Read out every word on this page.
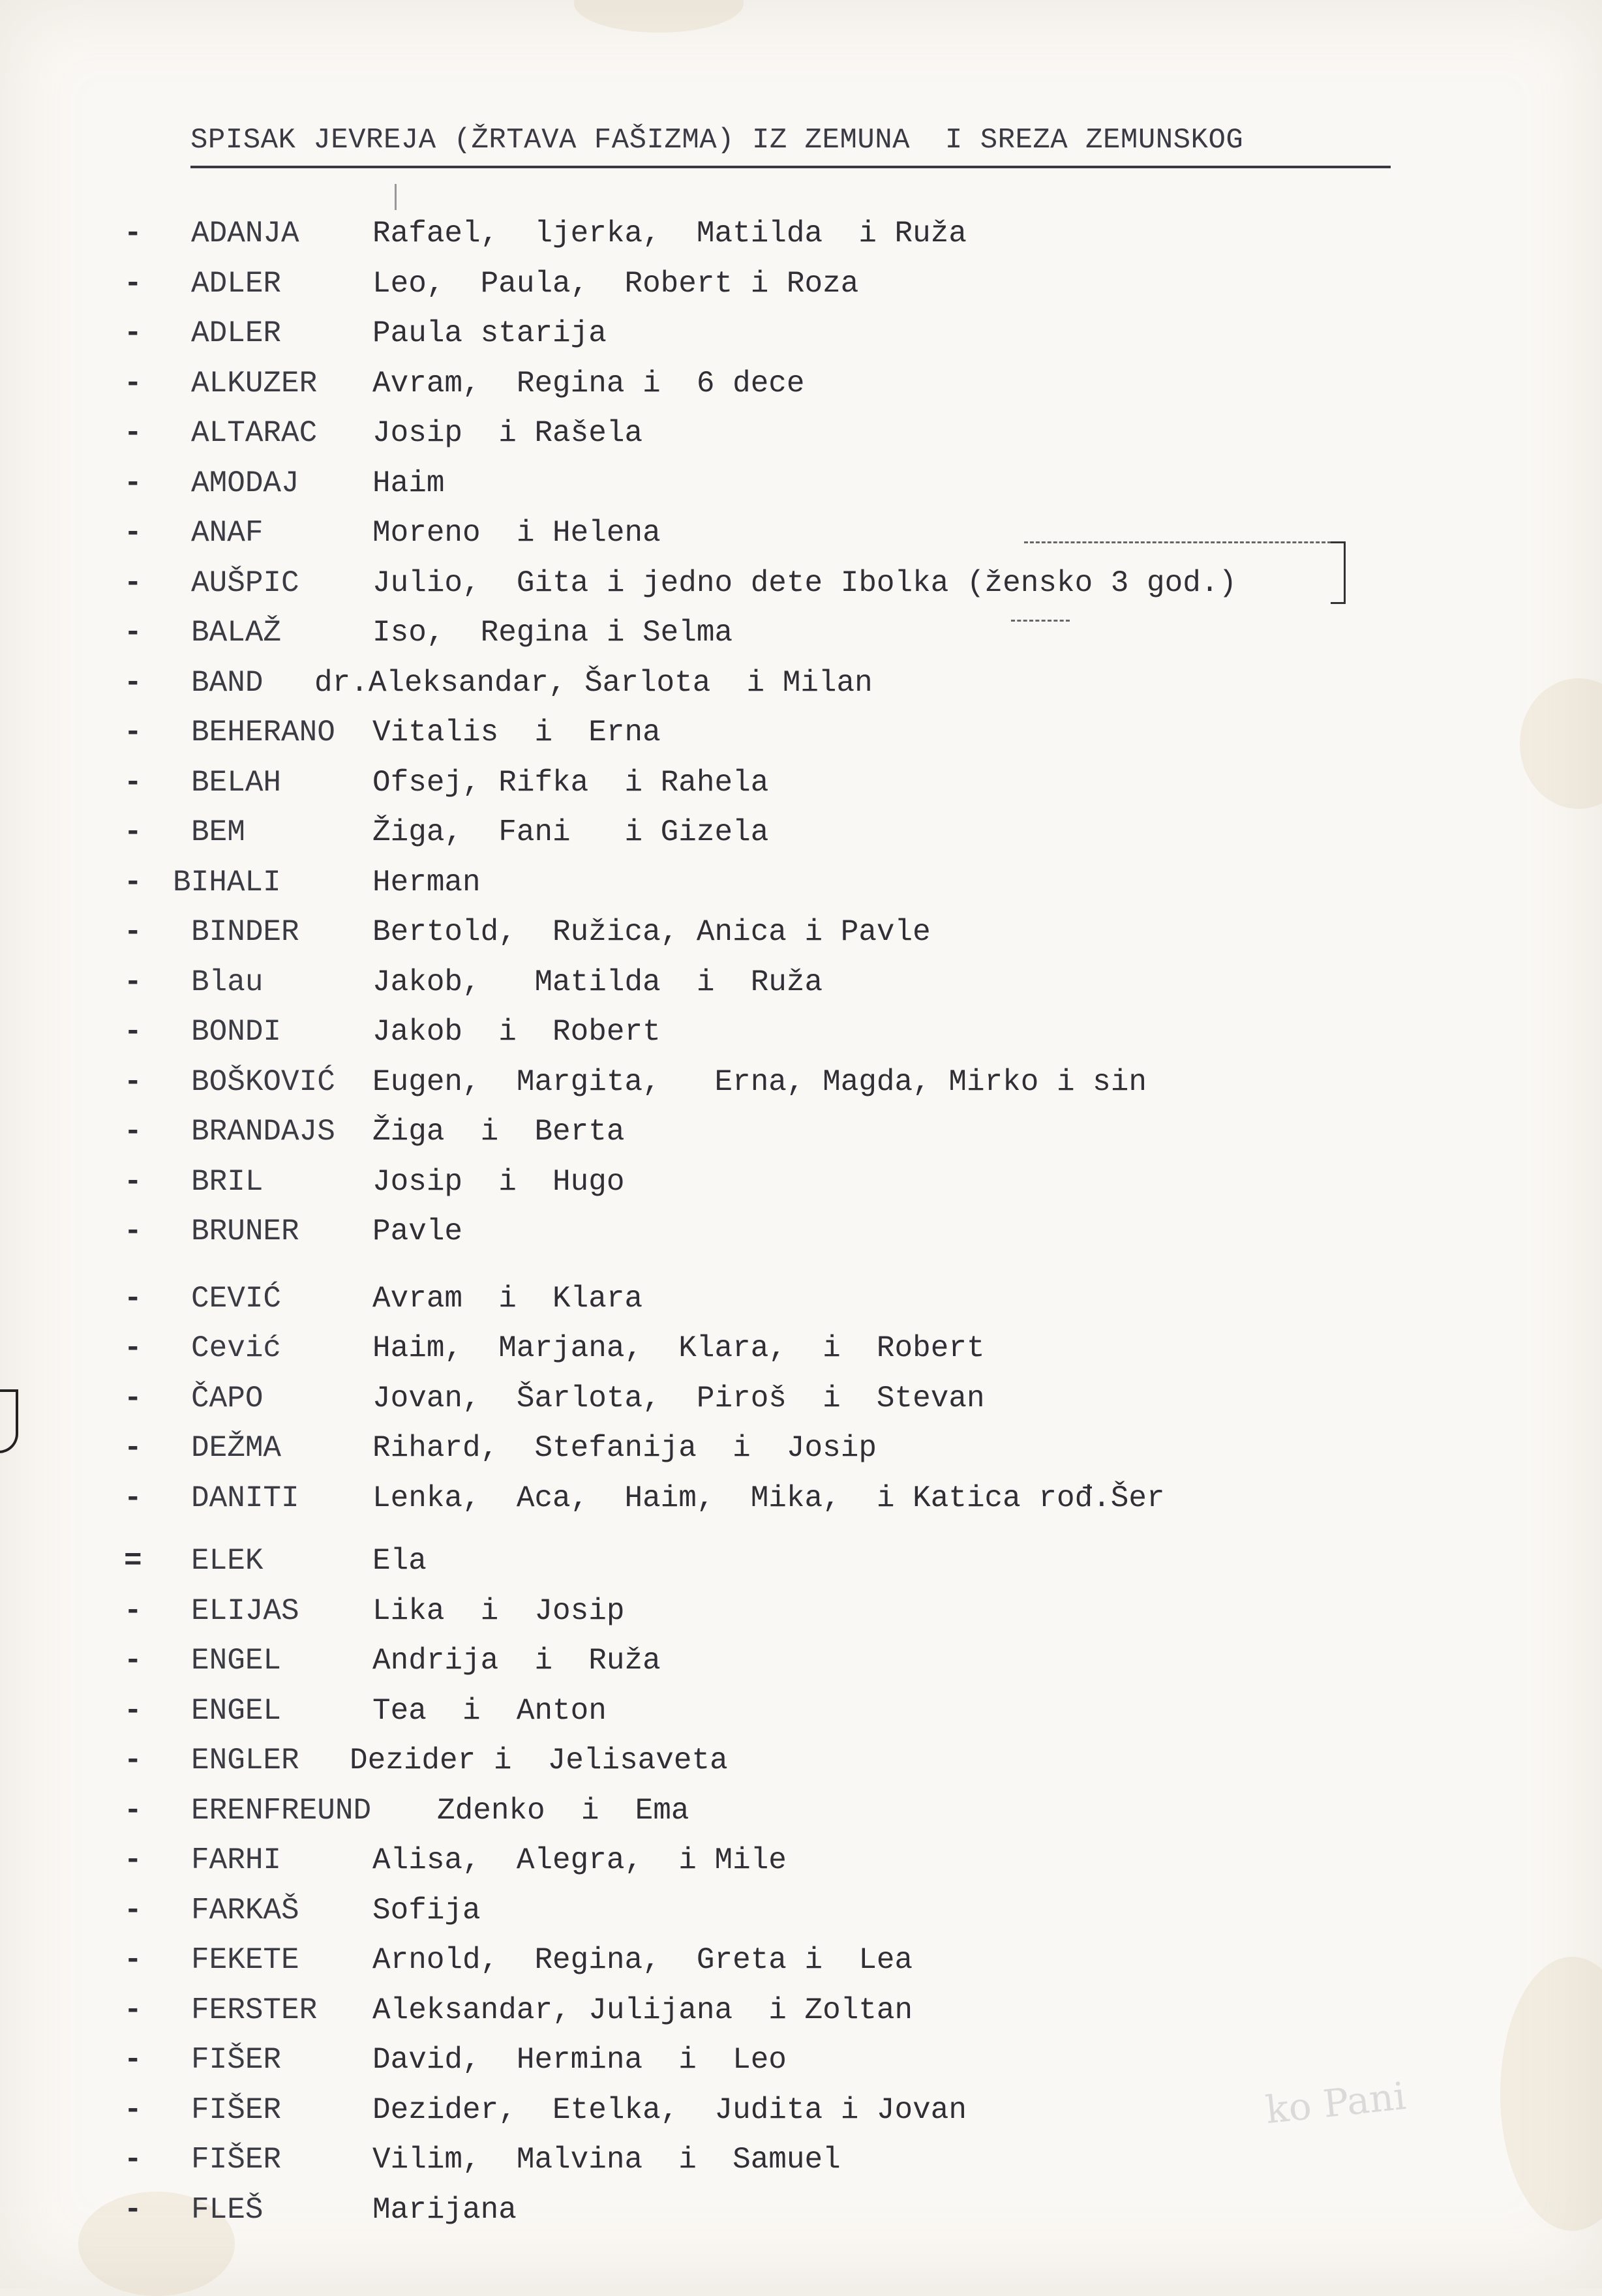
SPISAK JEVREJA (ŽRTAVA FAŠIZMA) IZ ZEMUNA  I SREZA ZEMUNSKOG
ko Pani
- ADANJA Rafael,  ljerka,  Matilda  i Ruža
- ADLER	Leo,  Paula,  Robert i Roza
- ADLER	Paula starija
- ALKUZER Avram,  Regina i  6 dece
- ALTARAC Josip  i Rašela
- AMODAJ Haim
- ANAF	Moreno  i Helena
- AUŠPIC Julio,  Gita i jedno dete Ibolka (žensko 3 god.)
- BALAŽ	Iso,  Regina i Selma
- BAND dr.Aleksandar, Šarlota  i Milan
- BEHERANO Vitalis  i  Erna
- BELAH	Ofsej, Rifka  i Rahela
- BEM	Žiga,  Fani   i Gizela
- BIHALI	Herman
- BINDER Bertold,  Ružica, Anica i Pavle
- Blau	Jakob,   Matilda  i  Ruža
- BONDI	Jakob  i  Robert
- BOŠKOVIĆ Eugen,  Margita,   Erna, Magda, Mirko i sin
- BRANDAJS Žiga  i  Berta
- BRIL	Josip  i  Hugo
- BRUNER Pavle
- CEVIĆ	Avram  i  Klara
- Cević	Haim,  Marjana,  Klara,  i  Robert
- ČAPO	Jovan,  Šarlota,  Piroš  i  Stevan
- DEŽMA	Rihard,  Stefanija  i  Josip
- DANITI Lenka,  Aca,  Haim,  Mika,  i Katica rođ.Šer
= ELEK	Ela
- ELIJAS Lika  i  Josip
- ENGEL	Andrija  i  Ruža
- ENGEL	Tea  i  Anton
- ENGLER Dezider i  Jelisaveta
- ERENFREUND Zdenko  i  Ema
- FARHI	Alisa,  Alegra,  i Mile
- FARKAŠ Sofija
- FEKETE Arnold,  Regina,  Greta i  Lea
- FERSTER Aleksandar, Julijana  i Zoltan
- FIŠER	David,  Hermina  i  Leo
- FIŠER	Dezider,  Etelka,  Judita i Jovan
- FIŠER	Vilim,  Malvina  i  Samuel
- FLEŠ	Marijana
